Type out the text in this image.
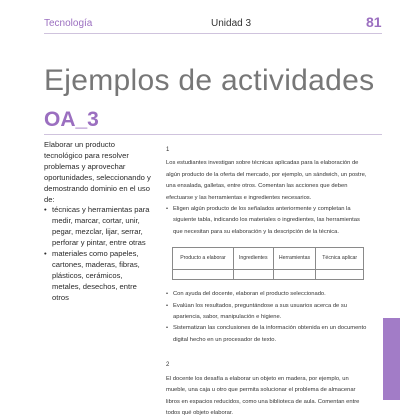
Tecnología	Unidad 3	81
Ejemplos de actividades
OA_3

Elaborar un producto tecnológico para resolver problemas y aprovechar oportunidades, seleccionando y demostrando dominio en el uso de:

• técnicas y herramientas para medir, marcar, cortar, unir, pegar, mezclar, lijar, serrar, perforar y pintar, entre otras
• materiales como papeles, cartones, maderas, fibras, plásticos, cerámicos, metales, desechos, entre otros
1

Los estudiantes investigan sobre técnicas aplicadas para la elaboración de algún producto de la oferta del mercado, por ejemplo, un sándwich, un postre, una ensalada, galletas, entre otros. Comentan las acciones que deben efectuarse y las herramientas e ingredientes necesarios.

• Eligen algún producto de los señalados anteriormente y completan la siguiente tabla, indicando los materiales o ingredientes, las herramientas que necesitan para su elaboración y la descripción de la técnica.
Producto a elaborar	Ingredientes	Herramientas	Técnica aplicar

• Con ayuda del docente, elaboran el producto seleccionado.
• Evalúan los resultados, preguntándose a sus usuarios acerca de su apariencia, sabor, manipulación e higiene.
• Sistematizan las conclusiones de la información obtenida en un documento digital hecho en un procesador de texto.
2

El docente los desafía a elaborar un objeto en madera, por ejemplo, un mueble, una caja u otro que permita solucionar el problema de almacenar libros en espacios reducidos, como una biblioteca de aula. Comentan entre todos qué objeto elaborar.
